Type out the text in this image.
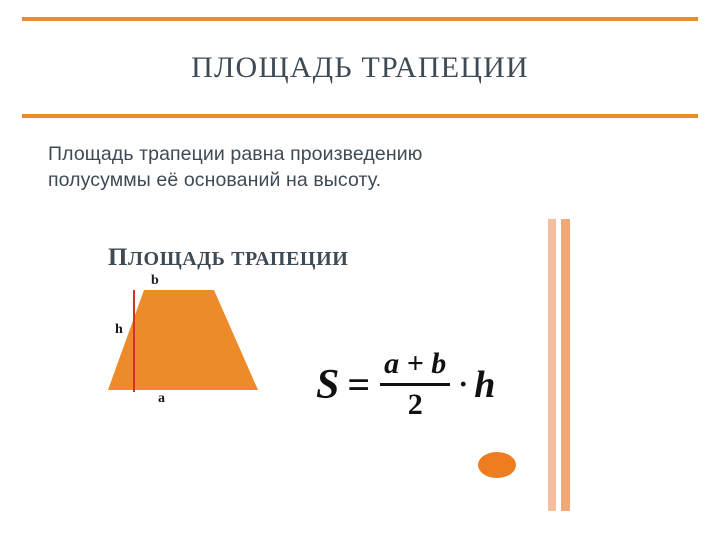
ПЛОЩАДЬ ТРАПЕЦИИ
Площадь трапеции равна произведению
полусуммы её оснований на высоту.
ПЛОЩАДЬ ТРАПЕЦИИ
b
h
a	$S = \frac{a + b}{2} \cdot h$
